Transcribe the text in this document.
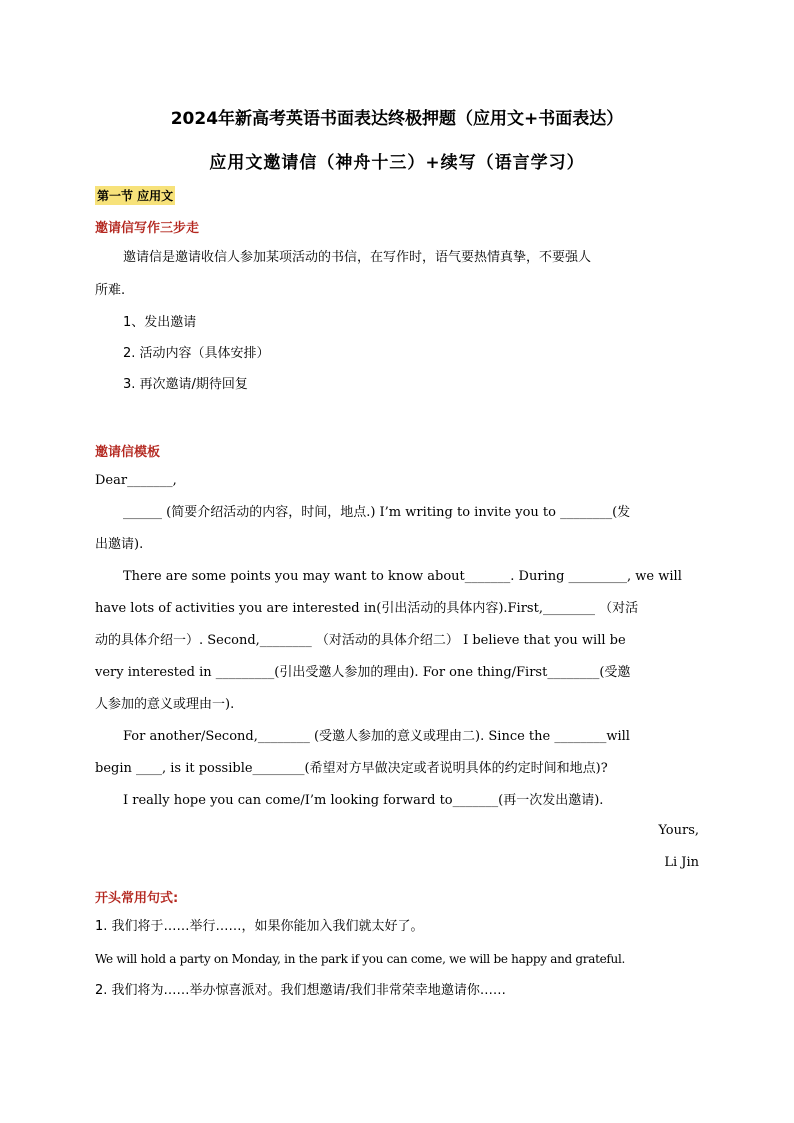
2024年新高考英语书面表达终极押题（应用文+书面表达）
应用文邀请信（神舟十三）+续写（语言学习）
第一节 应用文
邀请信写作三步走
邀请信是邀请收信人参加某项活动的书信，在写作时，语气要热情真挚，不要强人
所难.
1、发出邀请
2. 活动内容（具体安排）
3. 再次邀请/期待回复
邀请信模板
Dear_______,
______ (简要介绍活动的内容，时间，地点.) I’m writing to invite you to ________(发
出邀请).
There are some points you may want to know about_______. During _________, we will
have lots of activities you are interested in(引出活动的具体内容).First,________ （对活
动的具体介绍一）. Second,________ （对活动的具体介绍二） I believe that you will be
very interested in _________(引出受邀人参加的理由). For one thing/First________(受邀
人参加的意义或理由一).
For another/Second,________ (受邀人参加的意义或理由二). Since the ________will
begin ____, is it possible________(希望对方早做决定或者说明具体的约定时间和地点)?
I really hope you can come/I’m looking forward to_______(再一次发出邀请).
Yours,
Li Jin
开头常用句式:
1. 我们将于……举行……，如果你能加入我们就太好了。
We will hold a party on Monday, in the park if you can come, we will be happy and grateful.
2. 我们将为……举办惊喜派对。我们想邀请/我们非常荣幸地邀请你……
